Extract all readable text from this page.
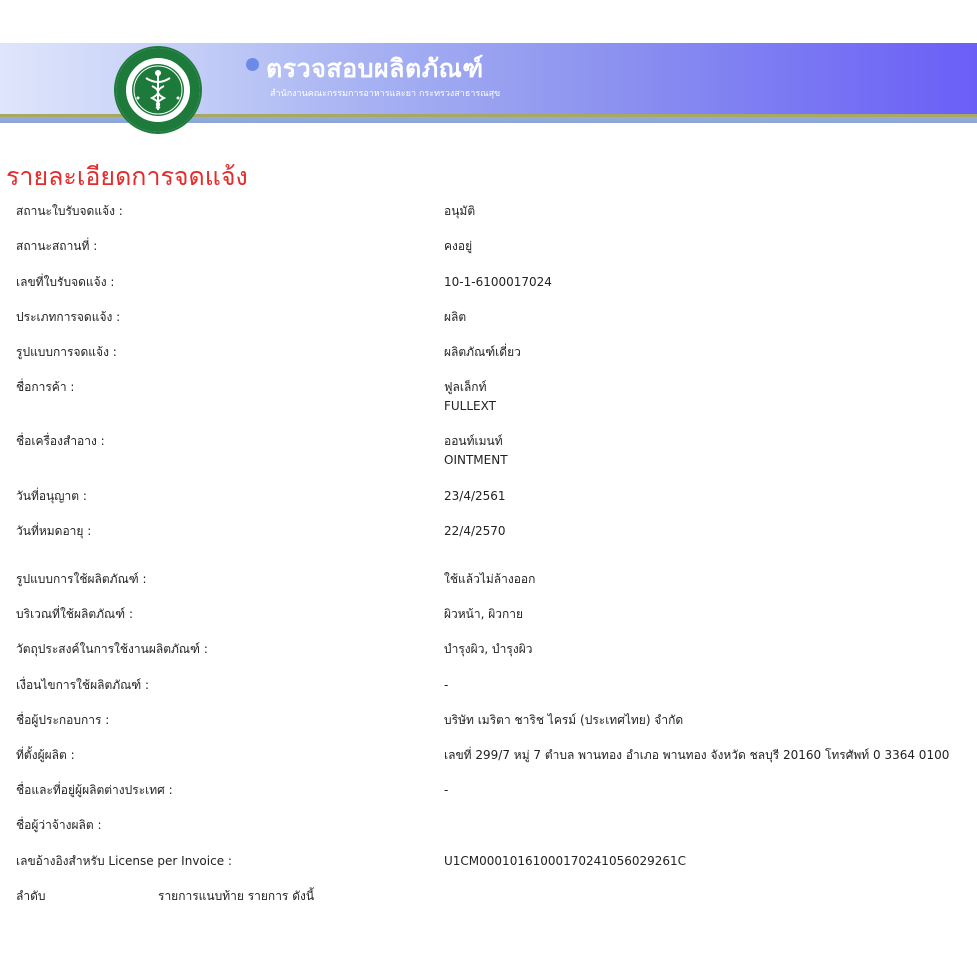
ตรวจสอบผลิตภัณฑ์
สำนักงานคณะกรรมการอาหารและยา กระทรวงสาธารณสุข
รายละเอียดการจดแจ้ง
สถานะใบรับจดแจ้ง :	อนุมัติ
สถานะสถานที่ :	คงอยู่
เลขที่ใบรับจดแจ้ง :	10-1-6100017024
ประเภทการจดแจ้ง :	ผลิต
รูปแบบการจดแจ้ง :	ผลิตภัณฑ์เดี่ยว
ชื่อการค้า :	ฟูลเล็กท์
FULLEXT
ชื่อเครื่องสำอาง :	ออนท์เมนท์
OINTMENT
วันที่อนุญาต :	23/4/2561
วันที่หมดอายุ :	22/4/2570
รูปแบบการใช้ผลิตภัณฑ์ :	ใช้แล้วไม่ล้างออก
บริเวณที่ใช้ผลิตภัณฑ์ :	ผิวหน้า, ผิวกาย
วัตถุประสงค์ในการใช้งานผลิตภัณฑ์ :	บำรุงผิว, บำรุงผิว
เงื่อนไขการใช้ผลิตภัณฑ์ :	-
ชื่อผู้ประกอบการ :	บริษัท เมริตา ชาริช ไครม์ (ประเทศไทย) จำกัด
ที่ตั้งผู้ผลิต :	เลขที่ 299/7 หมู่ 7 ตำบล พานทอง อำเภอ พานทอง จังหวัด ชลบุรี 20160 โทรศัพท์ 0 3364 0100
ชื่อและที่อยู่ผู้ผลิตต่างประเทศ :	-
ชื่อผู้ว่าจ้างผลิต :
เลขอ้างอิงสำหรับ License per Invoice :	U1CM0001016100017024105602926​1C
ลำดับ	รายการแนบท้าย รายการ ดังนี้
